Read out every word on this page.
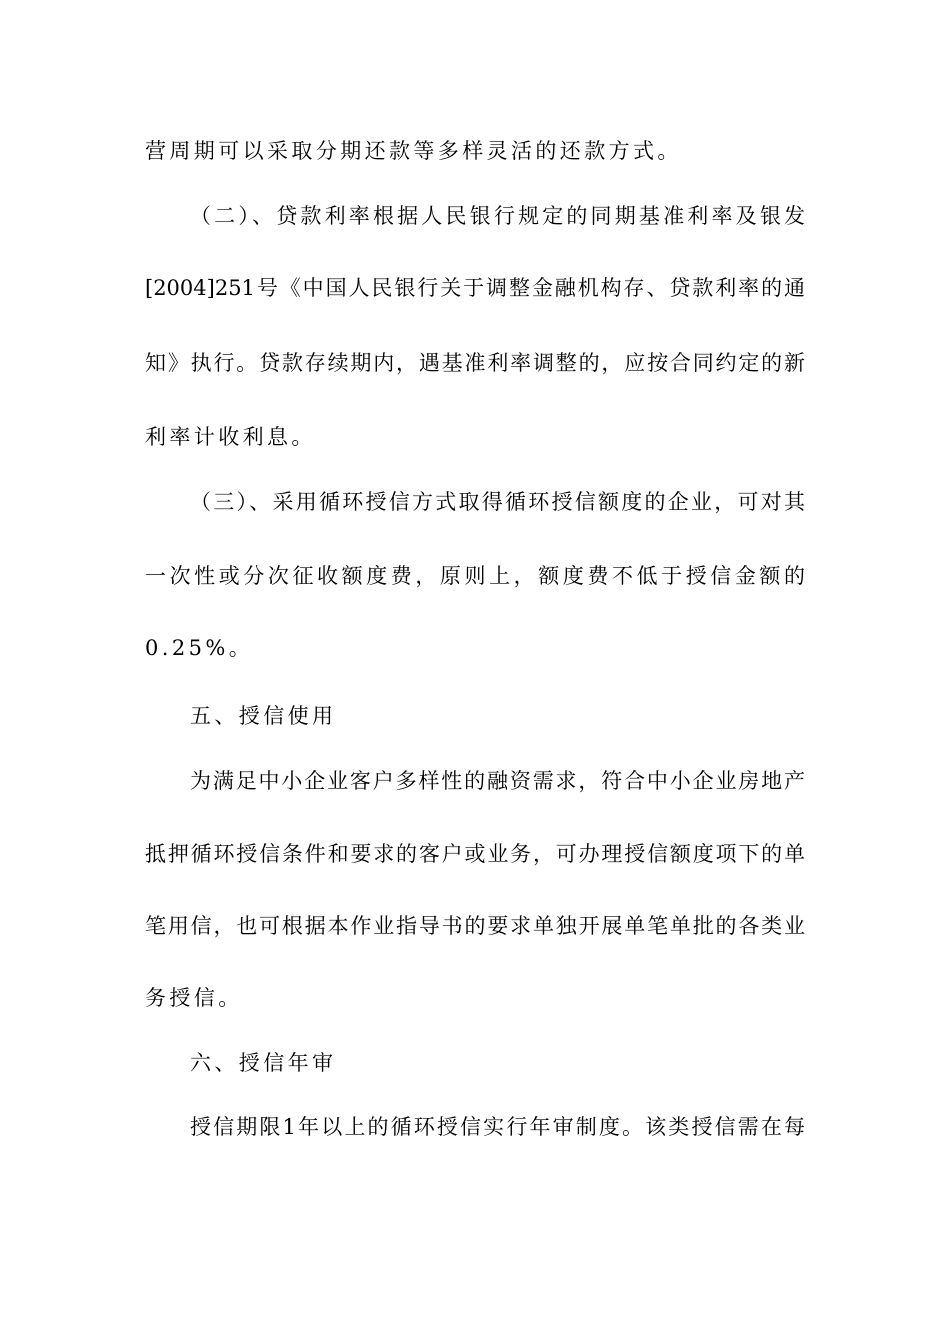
营周期可以采取分期还款等多样灵活的还款方式。
（二）、贷款利率根据人民银行规定的同期基准利率及银发
[2004]251号《中国人民银行关于调整金融机构存、贷款利率的通
知》执行。贷款存续期内，遇基准利率调整的，应按合同约定的新
利率计收利息。
（三）、采用循环授信方式取得循环授信额度的企业，可对其
一次性或分次征收额度费，原则上，额度费不低于授信金额的
0.25%。
五、授信使用
为满足中小企业客户多样性的融资需求，符合中小企业房地产
抵押循环授信条件和要求的客户或业务，可办理授信额度项下的单
笔用信，也可根据本作业指导书的要求单独开展单笔单批的各类业
务授信。
六、授信年审
授信期限1年以上的循环授信实行年审制度。该类授信需在每
